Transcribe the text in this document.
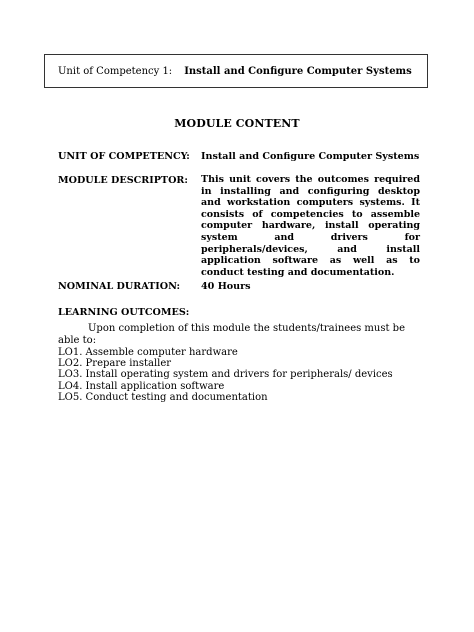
Unit of Competency 1: Install and Configure Computer Systems
MODULE CONTENT
UNIT OF COMPETENCY: Install and Configure Computer Systems
MODULE DESCRIPTOR: This unit covers the outcomes required in installing and configuring desktop and workstation computers systems. It consists of competencies to assemble computer hardware, install operating system and drivers for peripherals/devices, and install application software as well as to conduct testing and documentation.
NOMINAL DURATION: 40 Hours
LEARNING OUTCOMES:
Upon completion of this module the students/trainees must be able to:
LO1. Assemble computer hardware
LO2. Prepare installer
LO3. Install operating system and drivers for peripherals/ devices
LO4. Install application software
LO5. Conduct testing and documentation
